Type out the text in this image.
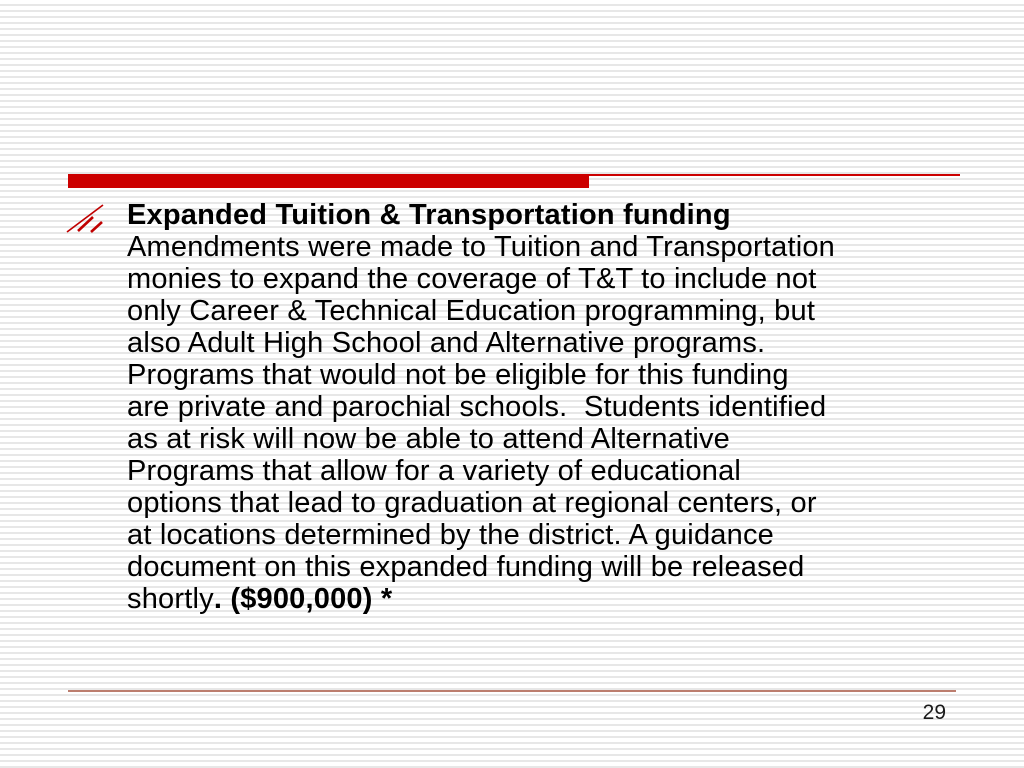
Expanded Tuition & Transportation funding
Amendments were made to Tuition and Transportation
monies to expand the coverage of T&T to include not
only Career & Technical Education programming, but
also Adult High School and Alternative programs.
Programs that would not be eligible for this funding
are private and parochial schools.  Students identified
as at risk will now be able to attend Alternative
Programs that allow for a variety of educational
options that lead to graduation at regional centers, or
at locations determined by the district. A guidance
document on this expanded funding will be released
shortly. ($900,000) *
29
